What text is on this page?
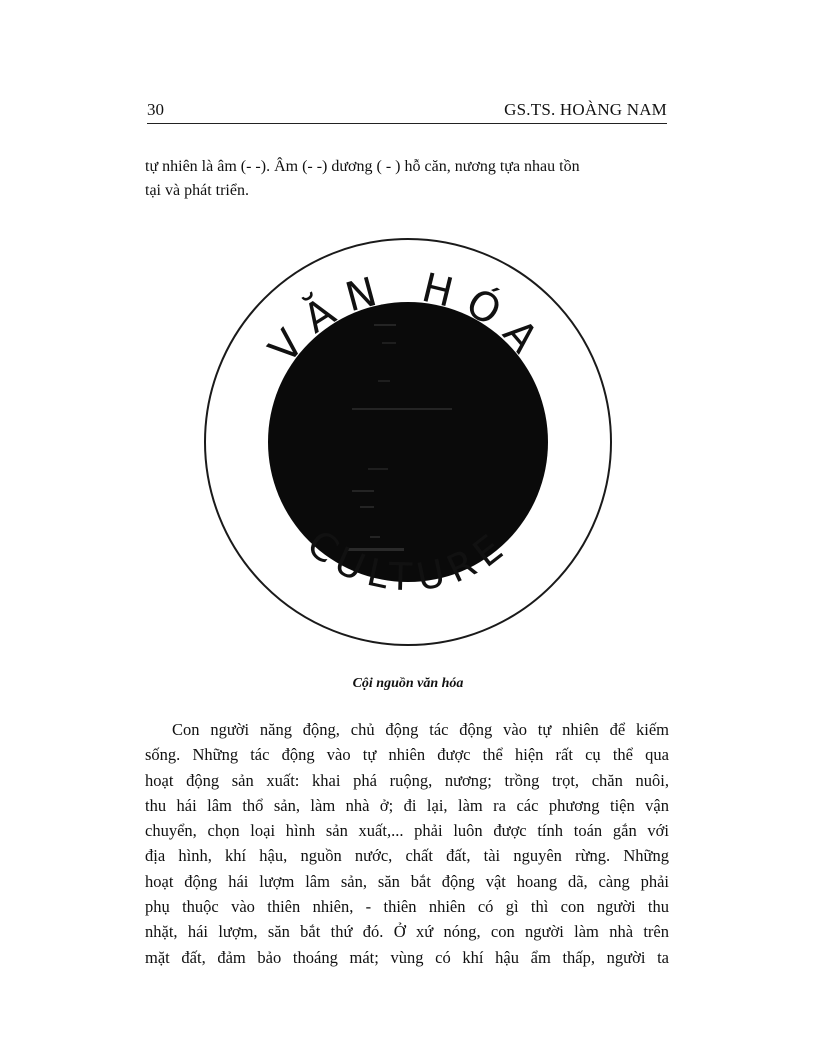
30	GS.TS. HOÀNG NAM
tự nhiên là âm (- -). Âm (- -) dương ( - ) hỗ căn, nương tựa nhau tồn
tại và phát triển.
VĂN HÓA
CULTURE
Cội nguồn văn hóa
Con người năng động, chủ động tác động vào tự nhiên để kiếm
sống. Những tác động vào tự nhiên được thể hiện rất cụ thể qua
hoạt động sản xuất: khai phá ruộng, nương; trồng trọt, chăn nuôi,
thu hái lâm thổ sản, làm nhà ở; đi lại, làm ra các phương tiện vận
chuyển, chọn loại hình sản xuất,... phải luôn được tính toán gắn với
địa hình, khí hậu, nguồn nước, chất đất, tài nguyên rừng. Những
hoạt động hái lượm lâm sản, săn bắt động vật hoang dã, càng phải
phụ thuộc vào thiên nhiên, - thiên nhiên có gì thì con người thu
nhặt, hái lượm, săn bắt thứ đó. Ở xứ nóng, con người làm nhà trên
mặt đất, đảm bảo thoáng mát; vùng có khí hậu ẩm thấp, người ta
